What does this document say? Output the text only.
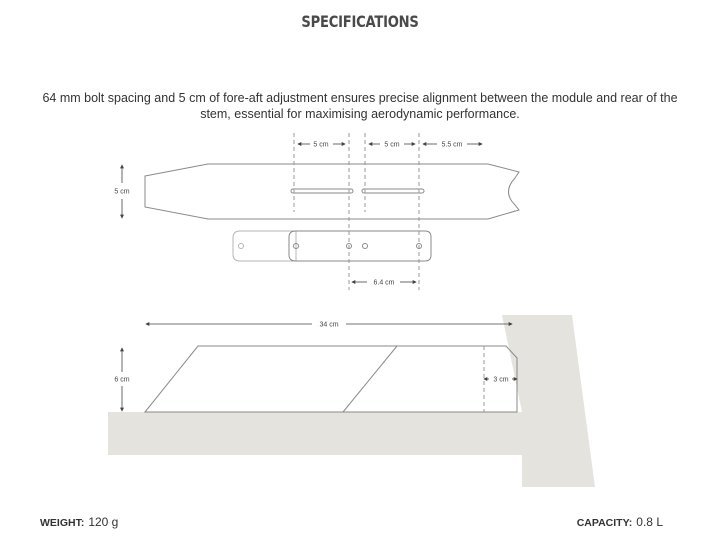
SPECIFICATIONS
64 mm bolt spacing and 5 cm of fore-aft adjustment ensures precise alignment between the module and rear of the stem, essential for maximising aerodynamic performance.
5 cm	5 cm	5.5 cm
5 cm
6.4 cm
34 cm
6 cm	3 cm
WEIGHT: 120 g	CAPACITY: 0.8 L
